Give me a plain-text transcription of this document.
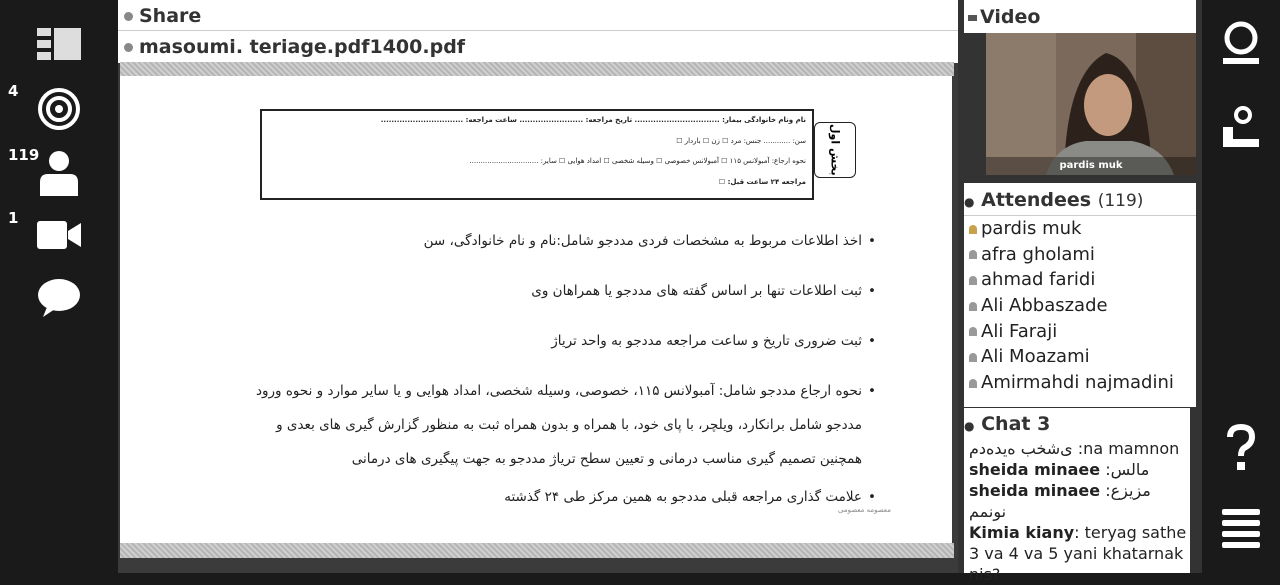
4
119
1
Share
masoumi. teriage.pdf1400.pdf
نام ونام خانوادگی بیمار: ................................ تاریخ مراجعه: ........................ ساعت مراجعه: ...............................
سن: ............ جنس: مرد ☐ زن ☐ باردار ☐
نحوه ارجاع: آمبولانس ۱۱۵ ☐ آمبولانس خصوصی ☐ وسیله شخصی ☐ امداد هوایی ☐ سایر: ...............................
مراجعه ۲۴ ساعت قبل: ☐
بخش اول
• اخذ اطلاعات مربوط به مشخصات فردی مددجو شامل:نام و نام خانوادگی، سن
• ثبت اطلاعات تنها بر اساس گفته های مددجو یا همراهان وی
• ثبت ضروری تاریخ و ساعت مراجعه مددجو به واحد تریاژ
• نحوه ارجاع مددجو شامل: آمبولانس ۱۱۵، خصوصی، وسیله شخصی، امداد هوایی و یا سایر موارد و نحوه ورود مددجو شامل برانکارد، ویلچر، با پای خود، با همراه و بدون همراه ثبت به منظور گزارش گیری های بعدی و همچنین تصمیم گیری مناسب درمانی و تعیین سطح تریاژ مددجو به جهت پیگیری های درمانی
• علامت گذاری مراجعه قبلی مددجو به همین مرکز طی ۲۴ گذشته
معصومه معصومی
Video
pardis muk
● Attendees (119)
pardis muk
afra gholami
ahmad faridi
Ali Abbaszade
Ali Faraji
Ali Moazami
Amirmahdi najmadini
● Chat 3
ی‌شخب ه‌یده‌دم :na mamnon
sheida minaee :مالس
sheida minaee :مزیزع نونمم
Kimia kiany: teryag sathe 3 va 4 va 5 yani khatarnak nis?
